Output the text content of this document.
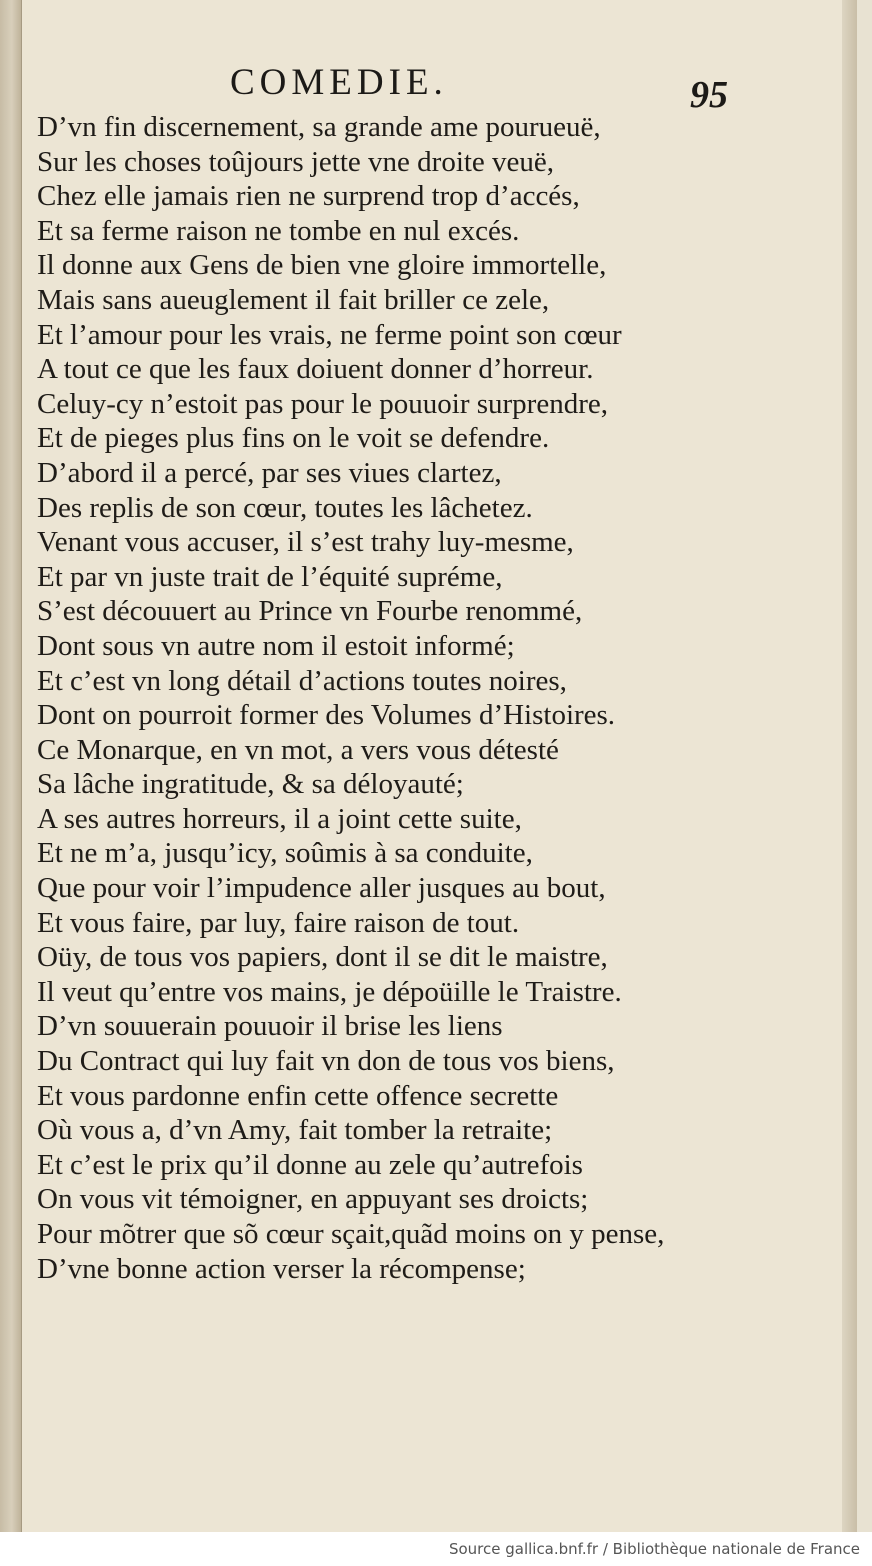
COMEDIE.	95
D’vn fin discernement, sa grande ame pourueuë,
Sur les choses toûjours jette vne droite veuë,
Chez elle jamais rien ne surprend trop d’accés,
Et sa ferme raison ne tombe en nul excés.
Il donne aux Gens de bien vne gloire immortelle,
Mais sans aueuglement il fait briller ce zele,
Et l’amour pour les vrais, ne ferme point son cœur
A tout ce que les faux doiuent donner d’horreur.
Celuy-cy n’estoit pas pour le pouuoir surprendre,
Et de pieges plus fins on le voit se defendre.
D’abord il a percé, par ses viues clartez,
Des replis de son cœur, toutes les lâchetez.
Venant vous accuser, il s’est trahy luy-mesme,
Et par vn juste trait de l’équité supréme,
S’est découuert au Prince vn Fourbe renommé,
Dont sous vn autre nom il estoit informé;
Et c’est vn long détail d’actions toutes noires,
Dont on pourroit former des Volumes d’Histoires.
Ce Monarque, en vn mot, a vers vous détesté
Sa lâche ingratitude, & sa déloyauté;
A ses autres horreurs, il a joint cette suite,
Et ne m’a, jusqu’icy, soûmis à sa conduite,
Que pour voir l’impudence aller jusques au bout,
Et vous faire, par luy, faire raison de tout.
Oüy, de tous vos papiers, dont il se dit le maistre,
Il veut qu’entre vos mains, je dépoüille le Traistre.
D’vn souuerain pouuoir il brise les liens
Du Contract qui luy fait vn don de tous vos biens,
Et vous pardonne enfin cette offence secrette
Où vous a, d’vn Amy, fait tomber la retraite;
Et c’est le prix qu’il donne au zele qu’autrefois
On vous vit témoigner, en appuyant ses droicts;
Pour mõtrer que sõ cœur sçait,quãd moins on y pense,
D’vne bonne action verser la récompense;
Source gallica.bnf.fr / Bibliothèque nationale de France
